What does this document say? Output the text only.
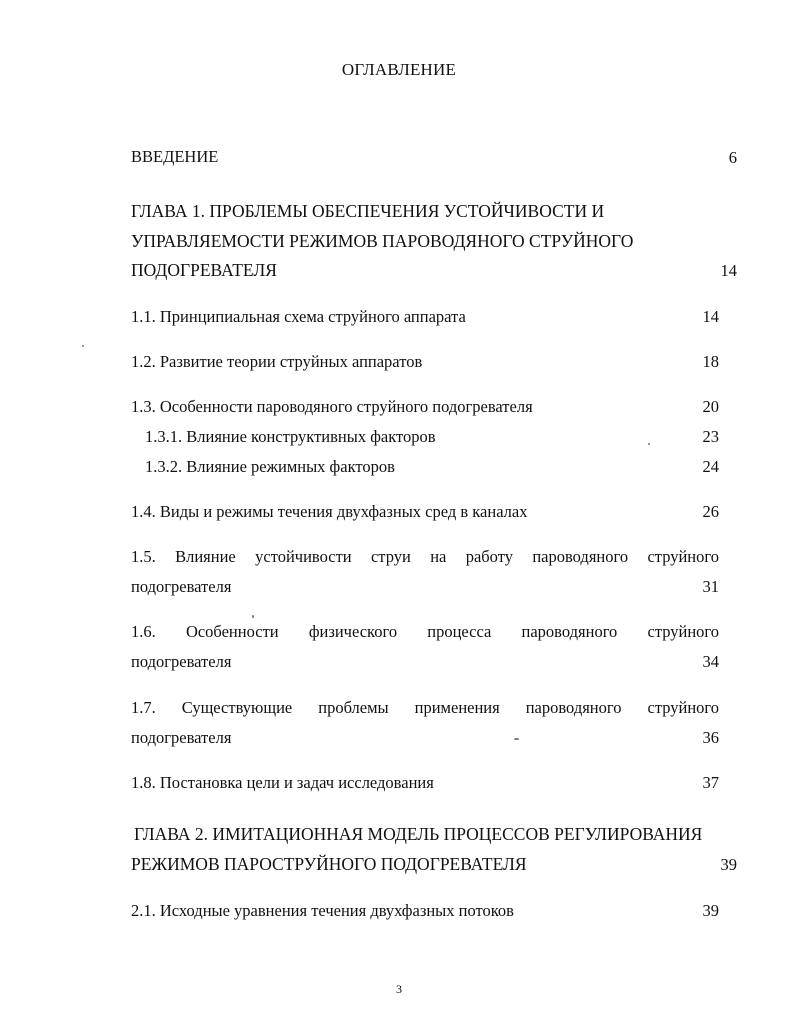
ОГЛАВЛЕНИЕ
ВВЕДЕНИЕ	6
ГЛАВА 1. ПРОБЛЕМЫ ОБЕСПЕЧЕНИЯ УСТОЙЧИВОСТИ И
УПРАВЛЯЕМОСТИ РЕЖИМОВ ПАРОВОДЯНОГО СТРУЙНОГО
ПОДОГРЕВАТЕЛЯ	14
1.1. Принципиальная схема струйного аппарата	14
1.2. Развитие теории струйных аппаратов	18
1.3. Особенности пароводяного струйного подогревателя	20
1.3.1. Влияние конструктивных факторов	23
1.3.2. Влияние режимных факторов	24
1.4. Виды и режимы течения двухфазных сред в каналах	26
1.5. Влияние устойчивости струи на работу пароводяного струйного
подогревателя	31
1.6. Особенности физического процесса пароводяного струйного
подогревателя	34
1.7. Существующие проблемы применения пароводяного струйного
подогревателя	36
1.8. Постановка цели и задач исследования	37
ГЛАВА 2. ИМИТАЦИОННАЯ МОДЕЛЬ ПРОЦЕССОВ РЕГУЛИРОВАНИЯ
РЕЖИМОВ ПАРОСТРУЙНОГО ПОДОГРЕВАТЕЛЯ	39
2.1. Исходные уравнения течения двухфазных потоков	39
3
